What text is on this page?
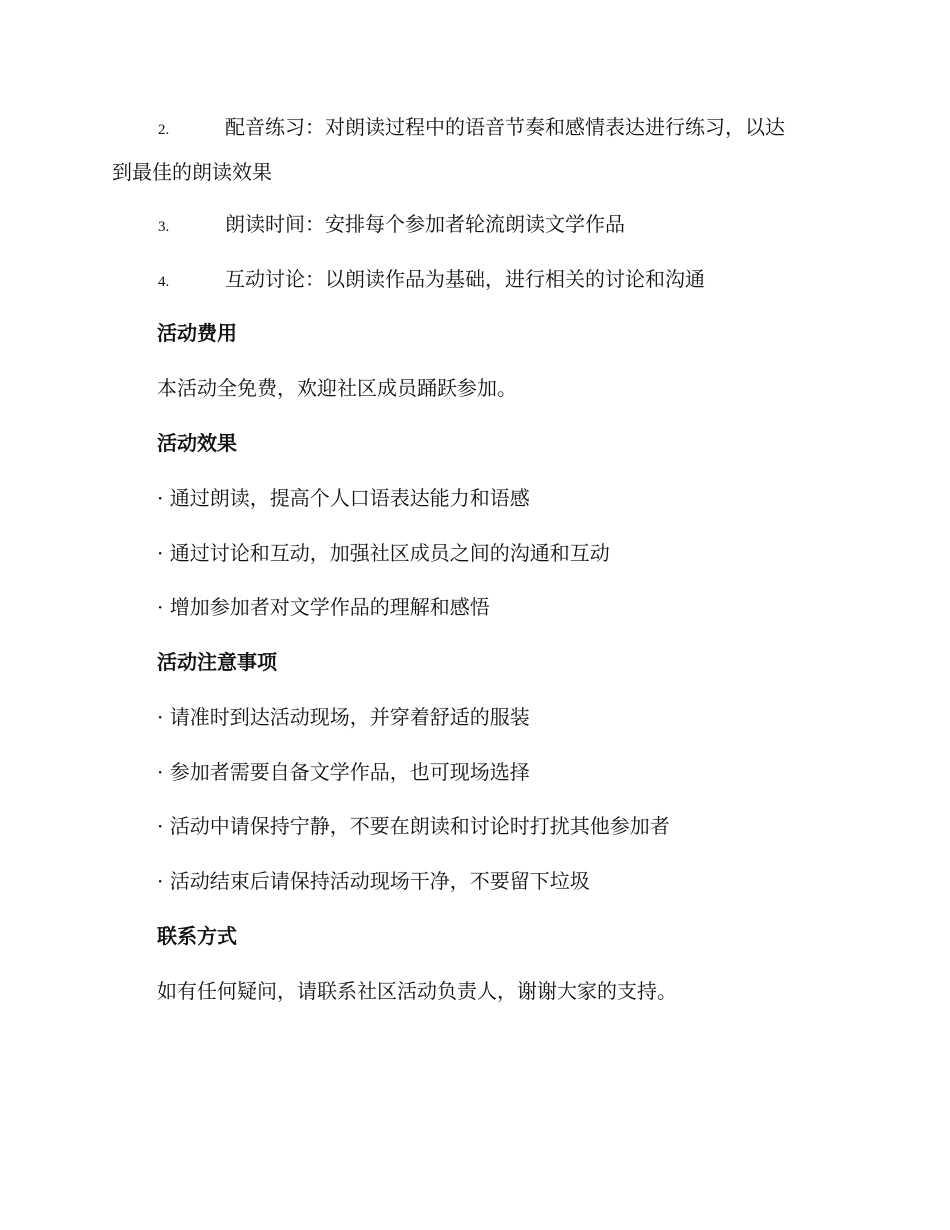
2.	配音练习：对朗读过程中的语音节奏和感情表达进行练习，以达
到最佳的朗读效果
3.	朗读时间：安排每个参加者轮流朗读文学作品
4.	互动讨论：以朗读作品为基础，进行相关的讨论和沟通
活动费用
本活动全免费，欢迎社区成员踊跃参加。
活动效果
· 通过朗读，提高个人口语表达能力和语感
· 通过讨论和互动，加强社区成员之间的沟通和互动
· 增加参加者对文学作品的理解和感悟
活动注意事项
· 请准时到达活动现场，并穿着舒适的服装
· 参加者需要自备文学作品，也可现场选择
· 活动中请保持宁静，不要在朗读和讨论时打扰其他参加者
· 活动结束后请保持活动现场干净，不要留下垃圾
联系方式
如有任何疑问，请联系社区活动负责人，谢谢大家的支持。
